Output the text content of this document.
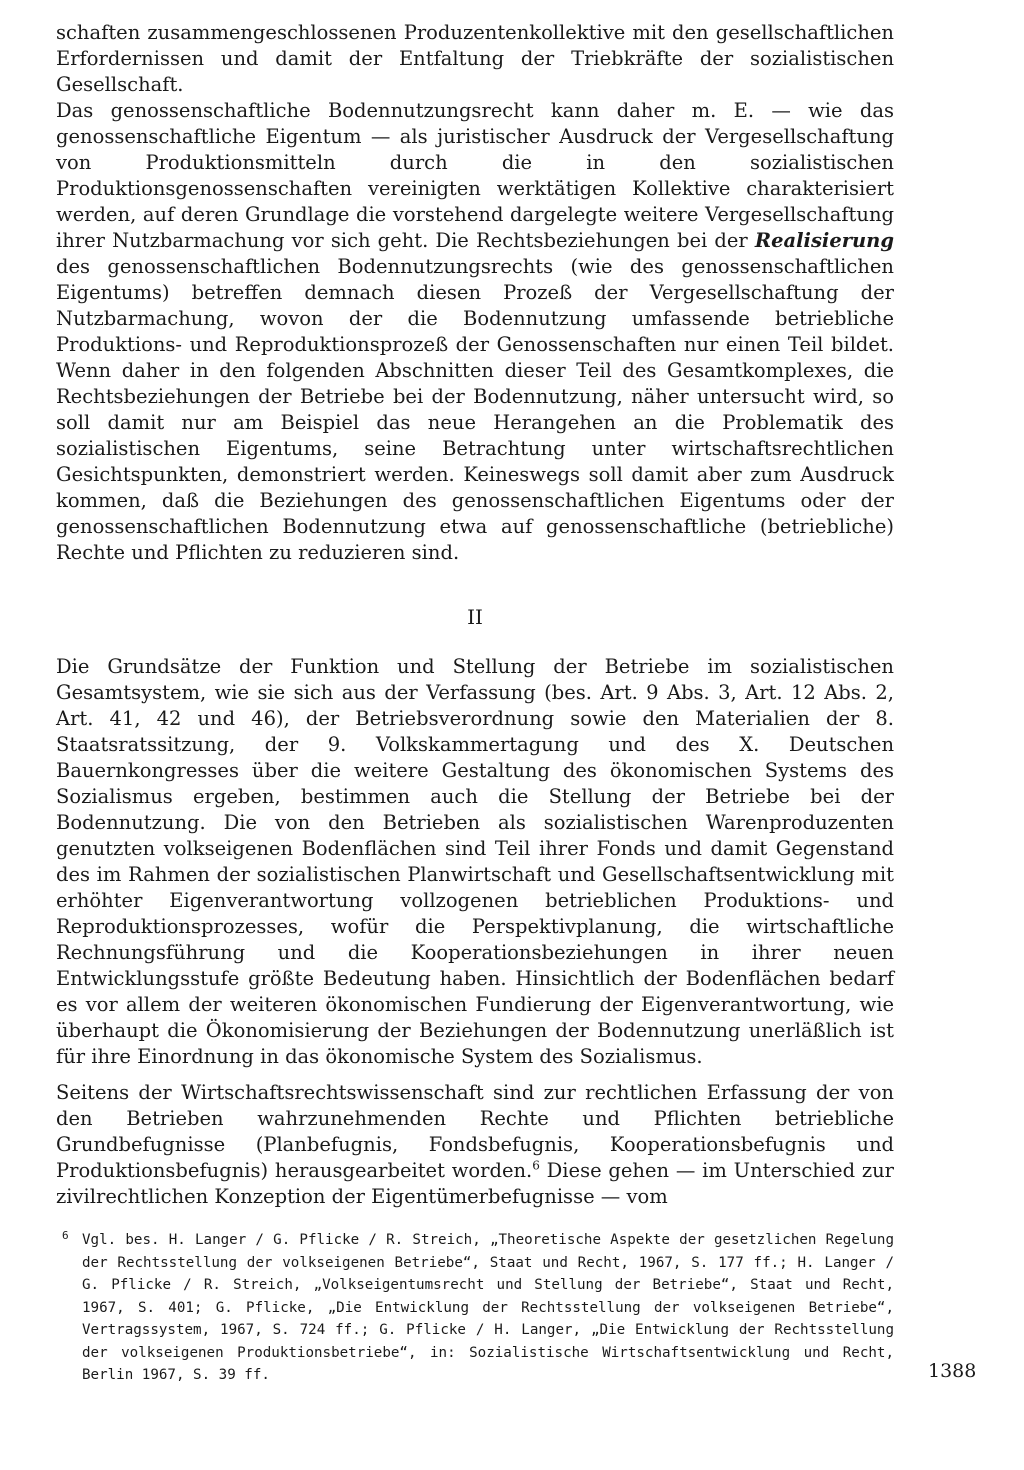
schaften zusammengeschlossenen Produzentenkollektive mit den gesellschaftlichen Erfordernissen und damit der Entfaltung der Triebkräfte der sozialistischen Gesellschaft.

Das genossenschaftliche Bodennutzungsrecht kann daher m. E. — wie das genossenschaftliche Eigentum — als juristischer Ausdruck der Vergesellschaftung von Produktionsmitteln durch die in den sozialistischen Produktionsgenossenschaften vereinigten werktätigen Kollektive charakterisiert werden, auf deren Grundlage die vorstehend dargelegte weitere Vergesellschaftung ihrer Nutzbarmachung vor sich geht. Die Rechtsbeziehungen bei der Realisierung des genossenschaftlichen Bodennutzungsrechts (wie des genossenschaftlichen Eigentums) betreffen demnach diesen Prozeß der Vergesellschaftung der Nutzbarmachung, wovon der die Bodennutzung umfassende betriebliche Produktions- und Reproduktionsprozeß der Genossenschaften nur einen Teil bildet. Wenn daher in den folgenden Abschnitten dieser Teil des Gesamtkomplexes, die Rechtsbeziehungen der Betriebe bei der Bodennutzung, näher untersucht wird, so soll damit nur am Beispiel das neue Herangehen an die Problematik des sozialistischen Eigentums, seine Betrachtung unter wirtschaftsrechtlichen Gesichtspunkten, demonstriert werden. Keineswegs soll damit aber zum Ausdruck kommen, daß die Beziehungen des genossenschaftlichen Eigentums oder der genossenschaftlichen Bodennutzung etwa auf genossenschaftliche (betriebliche) Rechte und Pflichten zu reduzieren sind.

II

Die Grundsätze der Funktion und Stellung der Betriebe im sozialistischen Gesamtsystem, wie sie sich aus der Verfassung (bes. Art. 9 Abs. 3, Art. 12 Abs. 2, Art. 41, 42 und 46), der Betriebsverordnung sowie den Materialien der 8. Staatsratssitzung, der 9. Volkskammertagung und des X. Deutschen Bauernkongresses über die weitere Gestaltung des ökonomischen Systems des Sozialismus ergeben, bestimmen auch die Stellung der Betriebe bei der Bodennutzung. Die von den Betrieben als sozialistischen Warenproduzenten genutzten volkseigenen Bodenflächen sind Teil ihrer Fonds und damit Gegenstand des im Rahmen der sozialistischen Planwirtschaft und Gesellschaftsentwicklung mit erhöhter Eigenverantwortung vollzogenen betrieblichen Produktions- und Reproduktionsprozesses, wofür die Perspektivplanung, die wirtschaftliche Rechnungsführung und die Kooperationsbeziehungen in ihrer neuen Entwicklungsstufe größte Bedeutung haben. Hinsichtlich der Bodenflächen bedarf es vor allem der weiteren ökonomischen Fundierung der Eigenverantwortung, wie überhaupt die Ökonomisierung der Beziehungen der Bodennutzung unerläßlich ist für ihre Einordnung in das ökonomische System des Sozialismus.

Seitens der Wirtschaftsrechtswissenschaft sind zur rechtlichen Erfassung der von den Betrieben wahrzunehmenden Rechte und Pflichten betriebliche Grundbefugnisse (Planbefugnis, Fondsbefugnis, Kooperationsbefugnis und Produktionsbefugnis) herausgearbeitet worden.$^6$ Diese gehen — im Unterschied zur zivilrechtlichen Konzeption der Eigentümerbefugnisse — vom

6 Vgl. bes. H. Langer / G. Pflicke / R. Streich, „Theoretische Aspekte der gesetzlichen Regelung der Rechtsstellung der volkseigenen Betriebe“, Staat und Recht, 1967, S. 177 ff.; H. Langer / G. Pflicke / R. Streich, „Volkseigentumsrecht und Stellung der Betriebe“, Staat und Recht, 1967, S. 401; G. Pflicke, „Die Entwicklung der Rechtsstellung der volkseigenen Betriebe“, Vertragssystem, 1967, S. 724 ff.; G. Pflicke / H. Langer, „Die Entwicklung der Rechtsstellung der volkseigenen Produktionsbetriebe“, in: Sozialistische Wirtschaftsentwicklung und Recht, Berlin 1967, S. 39 ff.	1388
